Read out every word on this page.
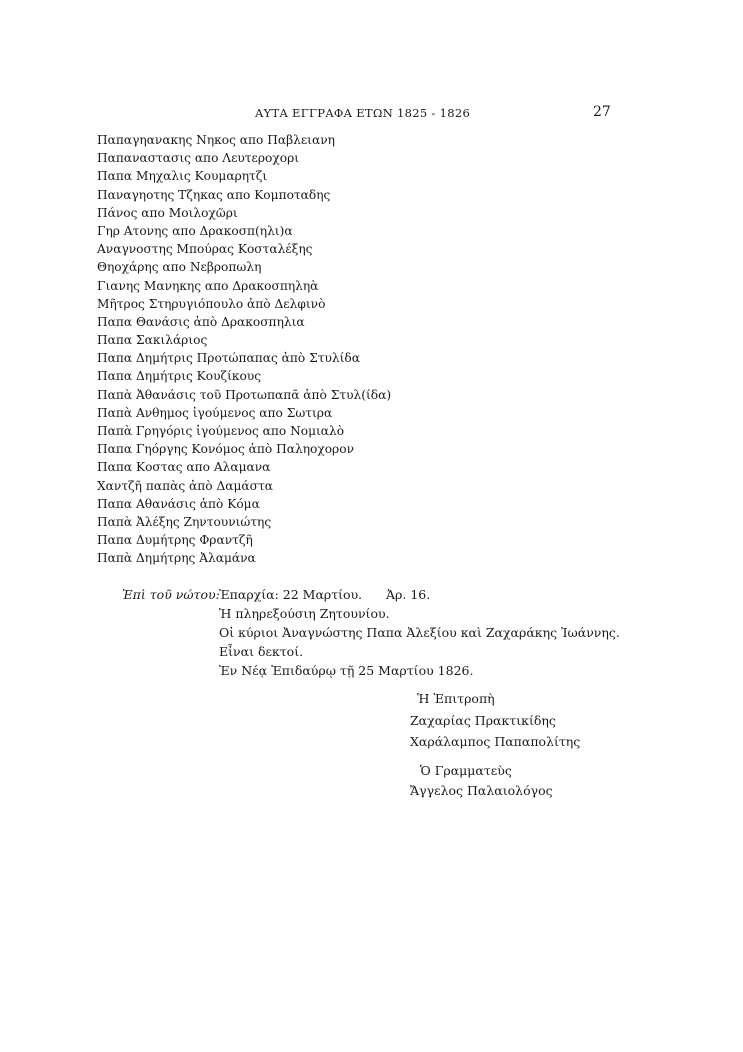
ΑΥΤΑ ΕΓΓΡΑΦΑ ΕΤΩΝ 1825 - 1826	27
Παπαγηανακης Νηκος απο Παβλειανη
Παπαναστασις απο Λευτεροχορι
Παπα Μηχαλις Κουμαρητζι
Παναγηοτης Τζηκας απο Κομποταδης
Πάνος απο Μοιλοχῶρι
Γηρ Ατονης απο Δρακοσπ(ηλι)α
Αναγνοστης Μπούρας Κοσταλέξης
Θηοχάρης απο Νεβροπωλη
Γιανης Μανηκης απο Δρακοσπηληὰ
Μῆτρος Στηρυγιόπουλο ἀπὸ Δελφινὸ
Παπα Θανάσις ἀπὸ Δρακοσπηλια
Παπα Σακιλάριος
Παπα Δημήτρις Προτώπαπας ἀπὸ Στυλίδα
Παπα Δημήτρις Κουζίκους
Παπὰ Ἀθανάσις τοῦ Προτωπαπᾶ ἀπὸ Στυλ(ίδα)
Παπὰ Ανθημος ἰγούμενος απο Σωτιρα
Παπὰ Γρηγόρις ἰγούμενος απο Νομιαλὸ
Παπα Γηόργης Κονόμος ἀπὸ Παληοχορον
Παπα Κοστας απο Αλαμανα
Χαντζῆ παπὰς ἀπὸ Δαμάστα
Παπα Αθανάσις ἀπὸ Κόμα
Παπὰ Ἀλέξης Ζηντουνιώτης
Παπα Δυμήτρης Φραντζῆ
Παπὰ Δημήτρης Ἀλαμάνα
Ἐπὶ τοῦ νώτου: Ἐπαρχία: 22 Μαρτίου. Ἀρ. 16.
Ἡ πληρεξούσιη Ζητουνίου.
Οἱ κύριοι Ἀναγνώστης Παπα Ἀλεξίου καὶ Ζαχαράκης Ἰωάννης.
Εἶναι δεκτοί.
Ἐν Νέᾳ Ἐπιδαύρῳ τῇ 25 Μαρτίου 1826.
Ἡ Ἐπιτροπὴ
Ζαχαρίας Πρακτικίδης
Χαράλαμπος Παπαπολίτης
Ὁ Γραμματεὺς
Ἄγγελος Παλαιολόγος
